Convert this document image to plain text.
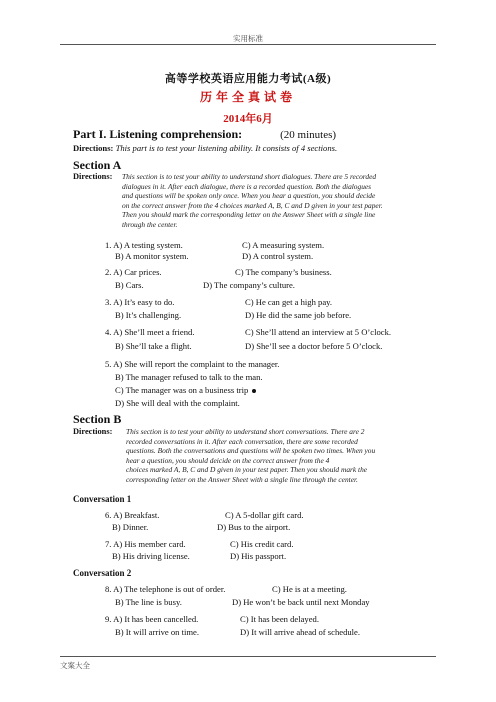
实用标准
高等学校英语应用能力考试(A级)
历年全真试卷
2014年6月
Part I. Listening comprehension:	(20 minutes)
Directions: This part is to test your listening ability. It consists of 4 sections.
Section A
Directions: This section is to test your ability to understand short dialogues. There are 5 recorded
dialogues in it. After each dialogue, there is a recorded question. Both the dialogues
and questions will be spoken only once. When you hear a question, you should decide
on the correct answer from the 4 choices marked A, B, C and D given in your test paper.
Then you should mark the corresponding letter on the Answer Sheet with a single line
through the center.
1. A) A testing system.	C) A measuring system.
B) A monitor system.	D) A control system.
2. A) Car prices.	C) The company’s business.
B) Cars.	D) The company’s culture.
3. A) It’s easy to do.	C) He can get a high pay.
B) It’s challenging.	D) He did the same job before.
4. A) She’ll meet a friend.	C) She’ll attend an interview at 5 O’clock.
B) She’ll take a flight.	D) She’ll see a doctor before 5 O’clock.
5. A) She will report the complaint to the manager.
B) The manager refused to talk to the man.
C) The manager was on a business trip
D) She will deal with the complaint.
Section B
Directions: This section is to test your ability to understand short conversations. There are 2
recorded conversations in it. After each conversation, there are some recorded
questions. Both the conversations and questions will be spoken two times. When you
hear a question, you should deicide on the correct answer from the 4
choices marked A, B, C and D given in your test paper. Then you should mark the
corresponding letter on the Answer Sheet with a single line through the center.
Conversation 1
6. A) Breakfast.	C) A 5-dollar gift card.
B) Dinner.	D) Bus to the airport.
7. A) His member card.	C) His credit card.
B) His driving license.	D) His passport.
Conversation 2
8. A) The telephone is out of order.	C) He is at a meeting.
B) The line is busy.	D) He won’t be back until next Monday
9. A) It has been cancelled.	C) It has been delayed.
B) It will arrive on time.	D) It will arrive ahead of schedule.
文案大全
